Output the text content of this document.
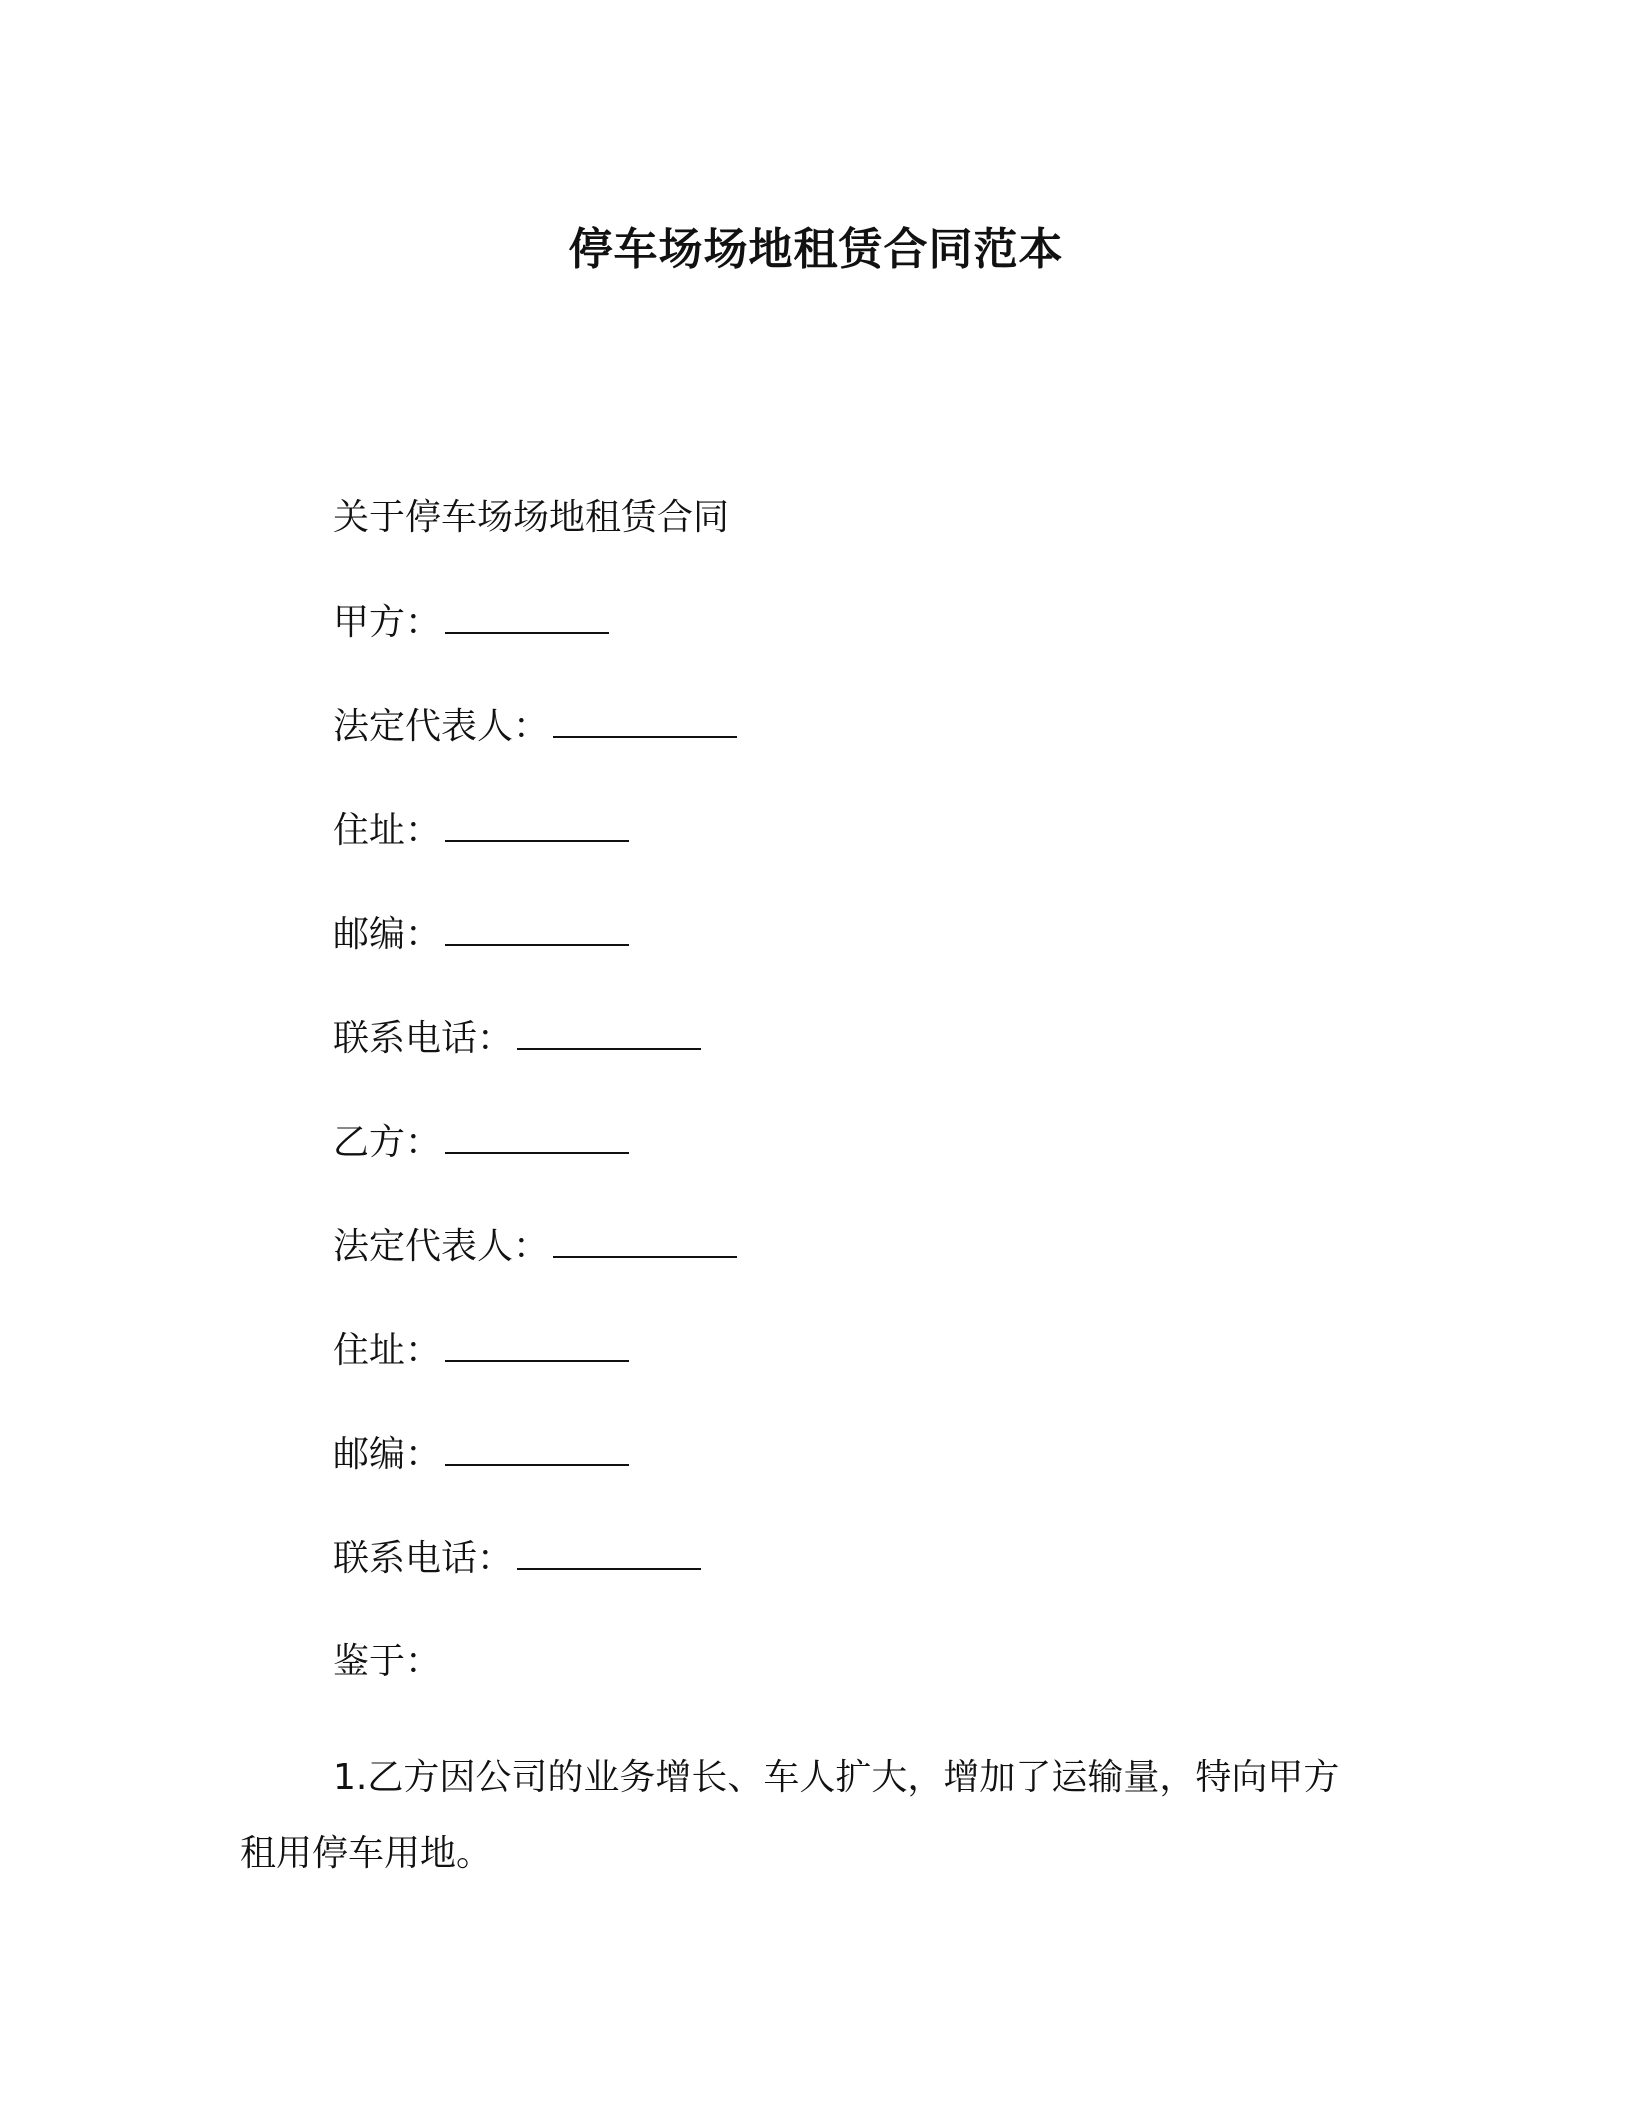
停车场场地租赁合同范本
关于停车场场地租赁合同
甲方：
法定代表人：
住址：
邮编：
联系电话：
乙方：
法定代表人：
住址：
邮编：
联系电话：
鉴于：

1.乙方因公司的业务增长、车人扩大，增加了运输量，特向甲方租用停车用地。
